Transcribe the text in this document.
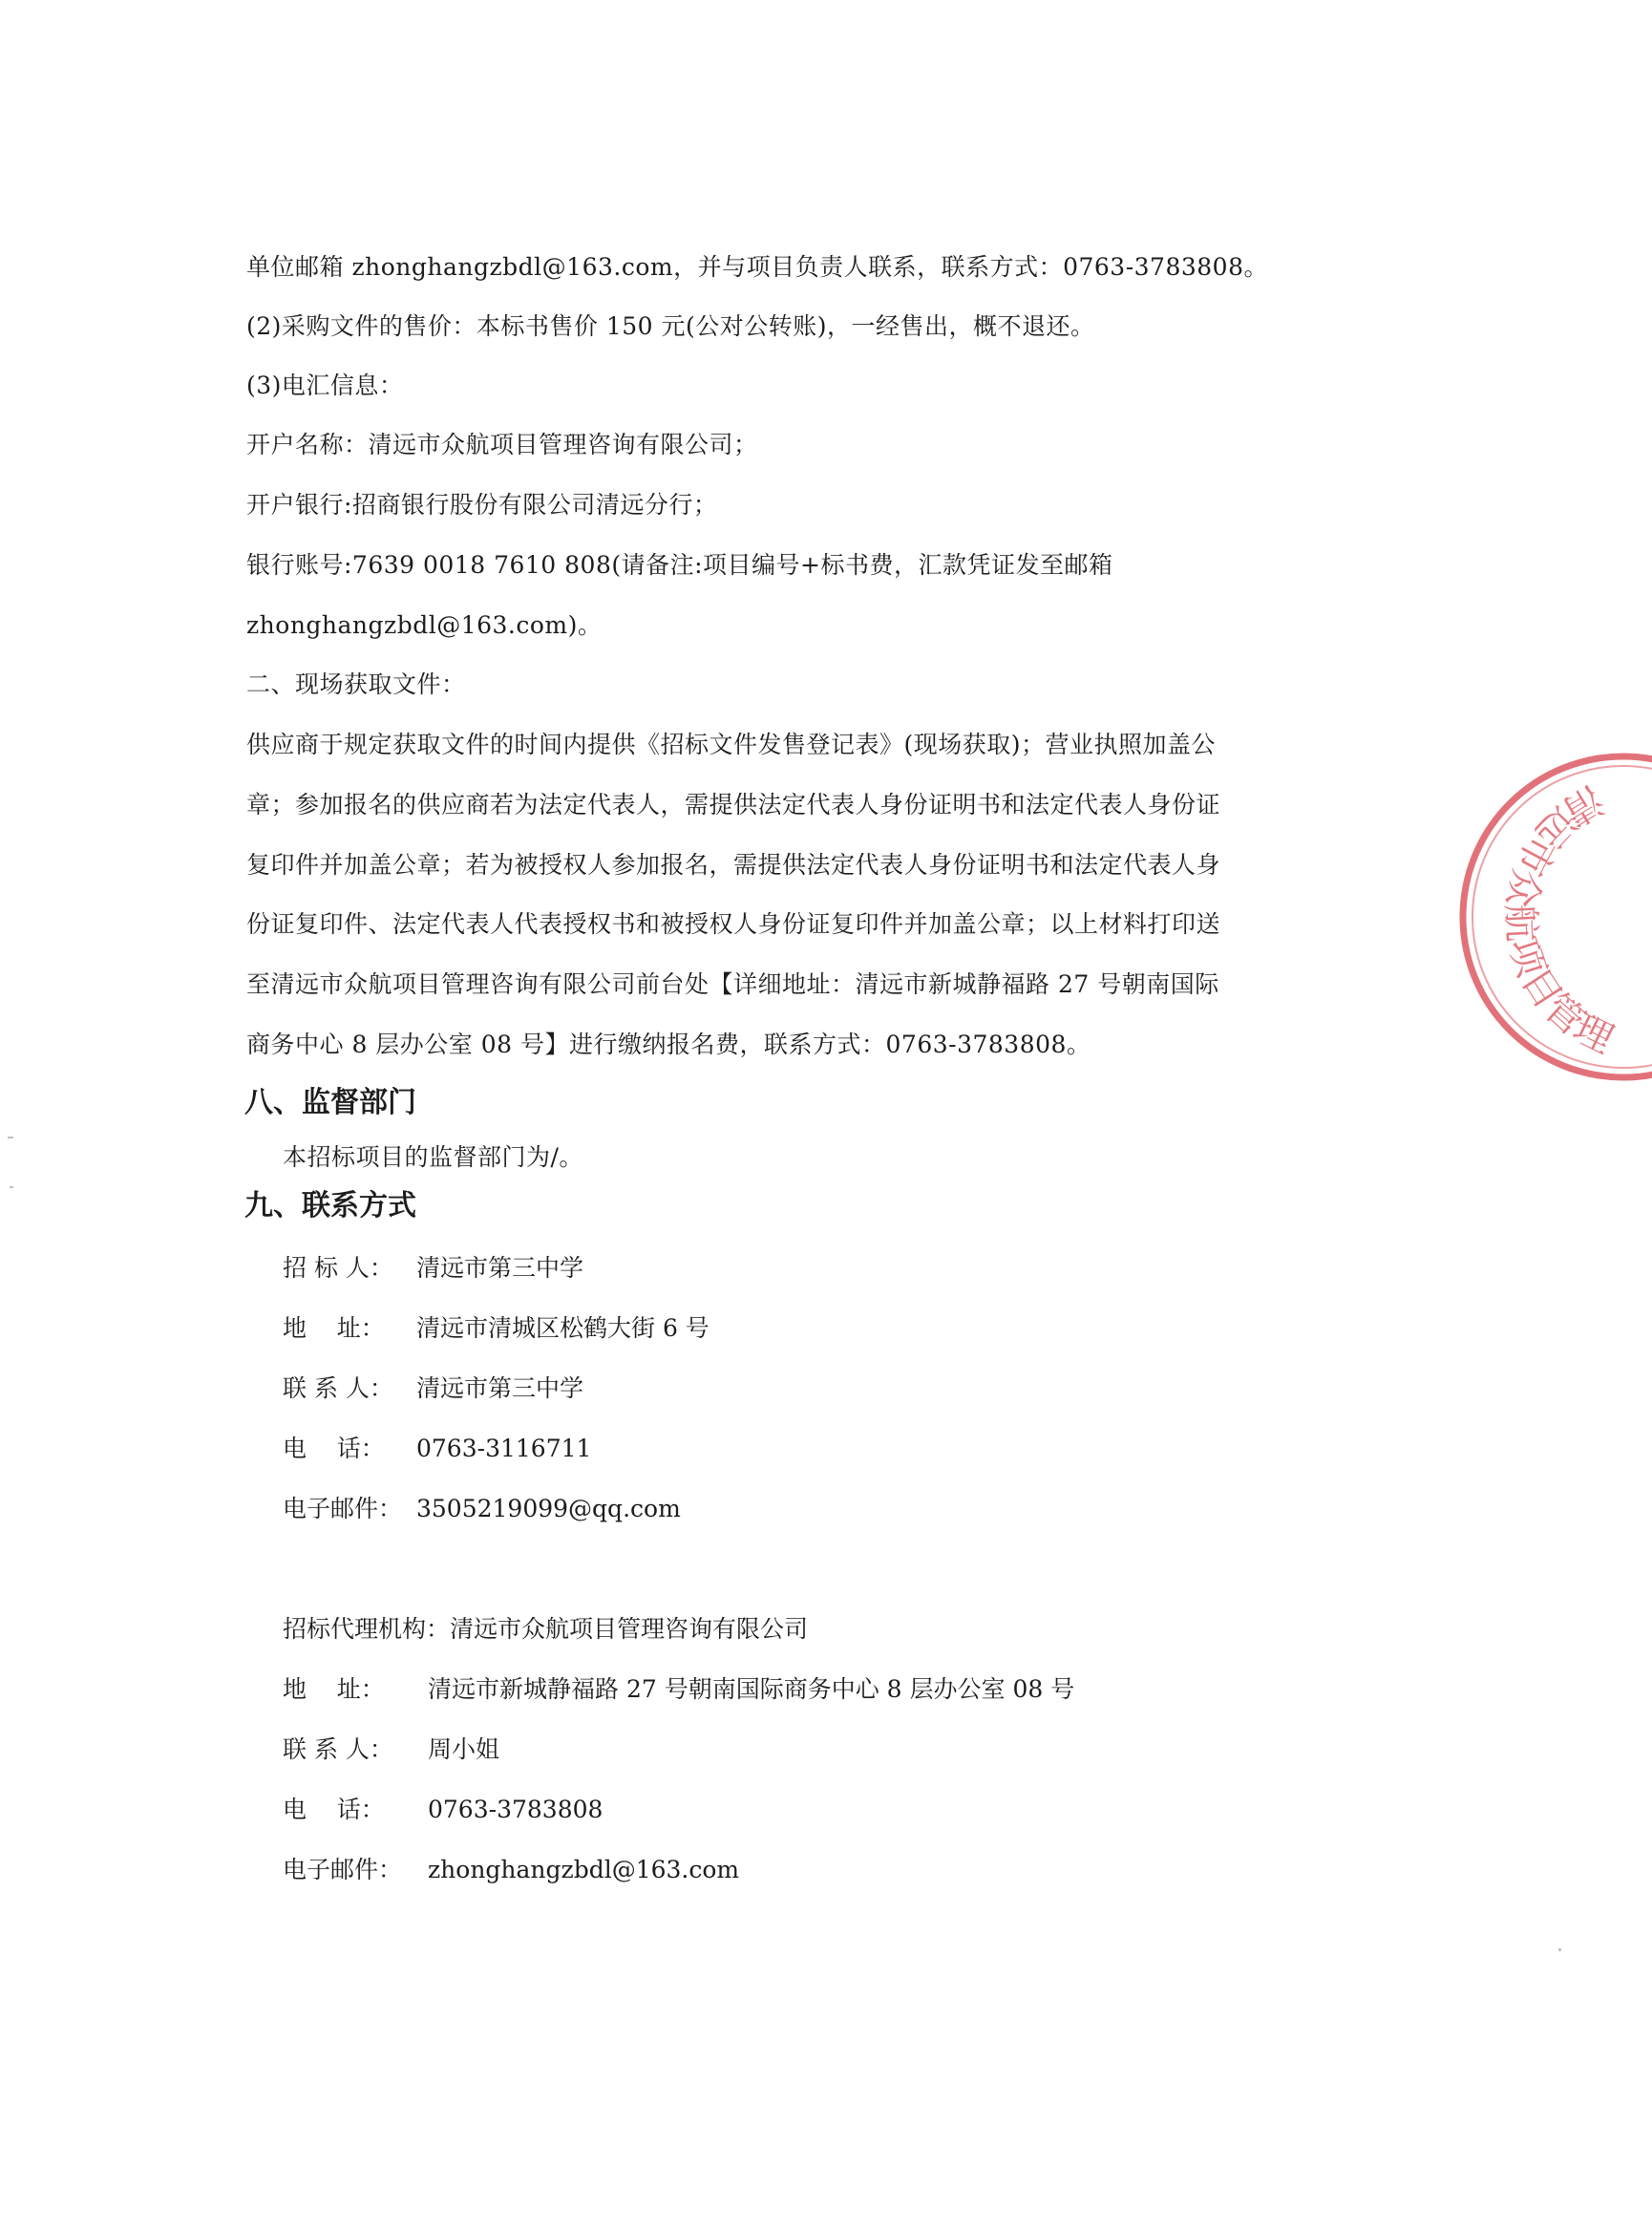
单位邮箱 zhonghangzbdl@163.com，并与项目负责人联系，联系方式：0763-3783808。
(2)采购文件的售价：本标书售价 150 元(公对公转账)，一经售出，概不退还。
(3)电汇信息：
开户名称：清远市众航项目管理咨询有限公司；
开户银行:招商银行股份有限公司清远分行；
银行账号:7639 0018 7610 808(请备注:项目编号+标书费，汇款凭证发至邮箱
zhonghangzbdl@163.com)。
二、现场获取文件：
供应商于规定获取文件的时间内提供《招标文件发售登记表》(现场获取)；营业执照加盖公
章；参加报名的供应商若为法定代表人，需提供法定代表人身份证明书和法定代表人身份证
复印件并加盖公章；若为被授权人参加报名，需提供法定代表人身份证明书和法定代表人身
份证复印件、法定代表人代表授权书和被授权人身份证复印件并加盖公章；以上材料打印送
至清远市众航项目管理咨询有限公司前台处【详细地址：清远市新城静福路 27 号朝南国际
商务中心 8 层办公室 08 号】进行缴纳报名费，联系方式：0763-3783808。
八、监督部门
本招标项目的监督部门为/。
九、联系方式
招 标 人： 清远市第三中学
地    址： 清远市清城区松鹤大街 6 号
联 系 人： 清远市第三中学
电    话： 0763-3116711
电子邮件： 3505219099@qq.com
招标代理机构：清远市众航项目管理咨询有限公司
地    址： 清远市新城静福路 27 号朝南国际商务中心 8 层办公室 08 号
联 系 人： 周小姐
电    话： 0763-3783808
电子邮件： zhonghangzbdl@163.com
清远市众航项目管理咨询有限公司
